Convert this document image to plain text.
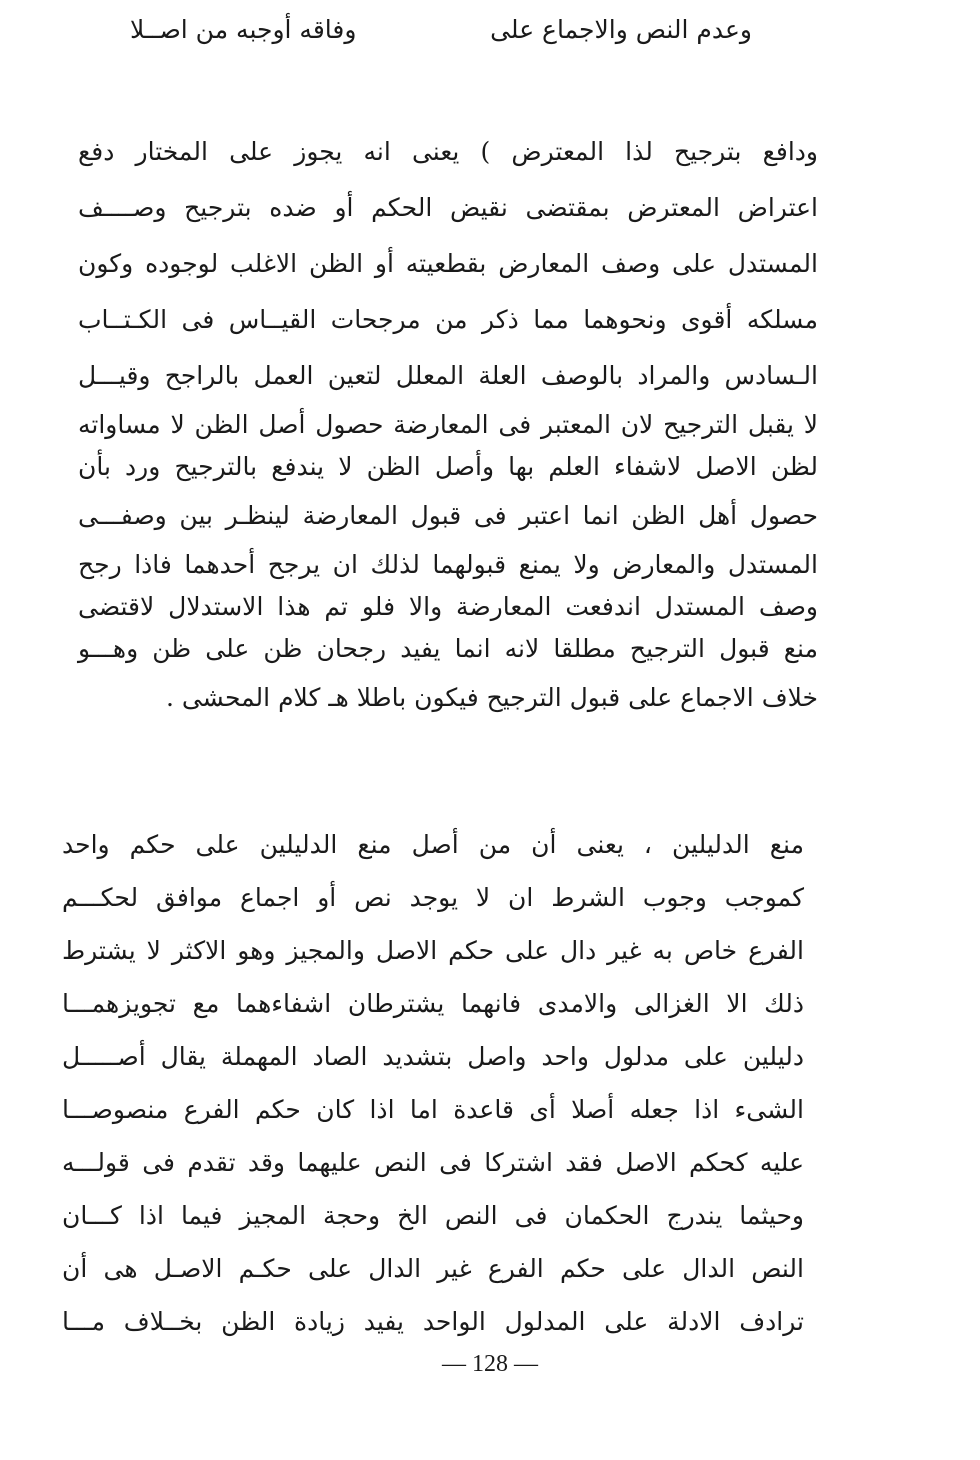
ودافع بترجيح لذا المعترض ) يعنى انه يجوز على المختار دفع
اعتراض المعترض بمقتضى نقيض الحكم أو ضده بترجيح وصــــف
المستدل على وصف المعارض بقطعيته أو الظن الاغلب لوجوده وكون
مسلكه أقوى ونحوهما مما ذكر من مرجحات القيــاس فى الكـتــاب
الـسادس والمراد بالوصف العلة المعلل لتعين العمل بالراجح وقيـــل
لا يقبل الترجيح لان المعتبر فى المعارضة حصول أصل الظن لا مساواته
لظن الاصل لاشفاء العلم بها وأصل الظن لا يندفع بالترجيح ورد بأن
حصول أهل الظن انما اعتبر فى قبول المعارضة لينظـر بين وصفـــى
المستدل والمعارض ولا يمنع قبولهما لذلك ان يرجح أحدهما فاذا رجح
وصف المستدل اندفعت المعارضة والا فلو تم هذا الاستدلال لاقتضى
منع قبول الترجيح مطلقا لانه انما يفيد رجحان ظن على ظن وهـــو
خلاف الاجماع على قبول الترجيح فيكون باطلا هـ كلام المحشى .
وعدم النص والاجماع على
وفاقه أوجبه من اصــلا
منع الدليلين ، يعنى أن من أصل منع الدليلين على حكم واحد
كموجب وجوب الشرط ان لا يوجد نص أو اجماع موافق لحكـــم
الفرع خاص به غير دال على حكم الاصل والمجيز وهو الاكثر لا يشترط
ذلك الا الغزالى والامدى فانهما يشترطان اشفاءهما مع تجويزهمـــا
دليلين على مدلول واحد واصل بتشديد الصاد المهملة يقال أصـــــل
الشىء اذا جعله أصلا أى قاعدة اما اذا كان حكم الفرع منصوصـــا
عليه كحكم الاصل فقد اشتركا فى النص عليهما وقد تقدم فى قولـــه
وحيثما يندرج الحكمان فى النص الخ وحجة المجيز فيما اذا كـــان
النص الدال على حكم الفرع غير الدال على حكـم الاصـل هى أن
ترادف الادلة على المدلول الواحد يفيد زيادة الظن بخــلاف مـــا
— 128 —
